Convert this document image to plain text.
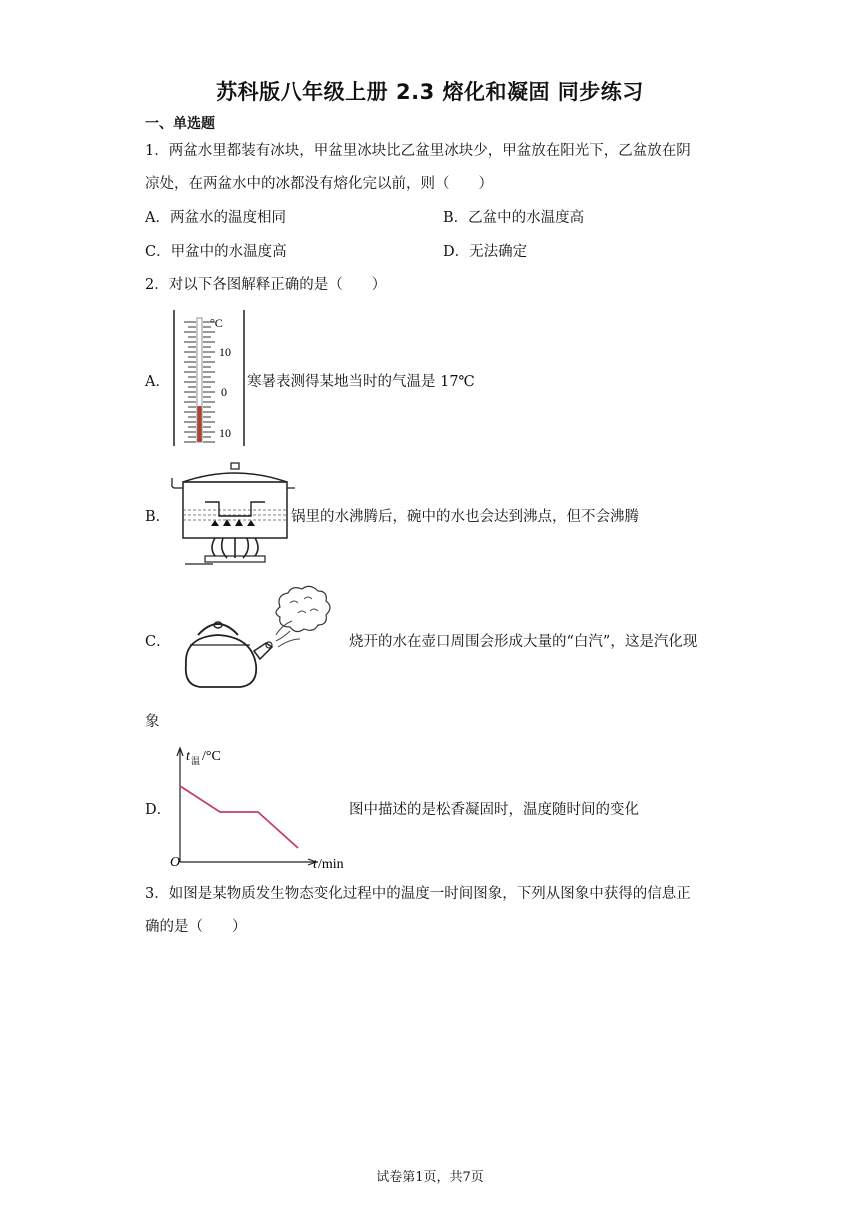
苏科版八年级上册 2.3 熔化和凝固 同步练习
一、单选题
1．两盆水里都装有冰块，甲盆里冰块比乙盆里冰块少，甲盆放在阳光下，乙盆放在阴
凉处，在两盆水中的冰都没有熔化完以前，则（　　）
A．两盆水的温度相同	B．乙盆中的水温度高
C．甲盆中的水温度高	D．无法确定
2．对以下各图解释正确的是（　　）
A．
°C
10
0
10
寒暑表测得某地当时的气温是 17℃
B．	锅里的水沸腾后，碗中的水也会达到沸点，但不会沸腾
C．	烧开的水在壶口周围会形成大量的“白汽”，这是汽化现
象
D．
t 温 /°C
O	t /min
图中描述的是松香凝固时，温度随时间的变化
3．如图是某物质发生物态变化过程中的温度一时间图象，下列从图象中获得的信息正
确的是（　　）
试卷第1页，共7页
